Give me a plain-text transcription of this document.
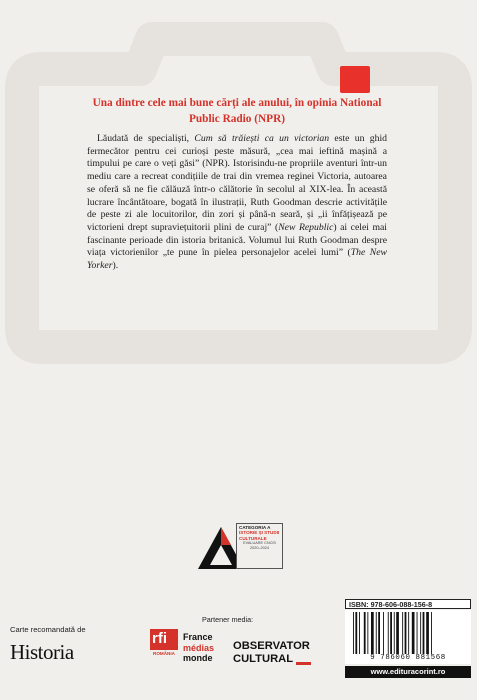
Una dintre cele mai bune cărți ale anului, în opinia National Public Radio (NPR)

Lăudată de specialiști, Cum să trăiești ca un victorian este un ghid fermecător pentru cei curioși peste măsură, „cea mai ieftină mașină a timpului pe care o veți găsi” (NPR). Istorisindu-ne propriile aventuri într-un mediu care a recreat condițiile de trai din vremea reginei Victoria, autoarea se oferă să ne fie călăuză într-o călătorie în secolul al XIX-lea. În această lucrare încântătoare, bogată în ilustrații, Ruth Goodman descrie activitățile de peste zi ale locuitorilor, din zori și până-n seară, și „ii înfățișează pe victorieni drept supraviețuitorii plini de curaj” (New Republic) ai celei mai fascinante perioade din istoria britanică. Volumul lui Ruth Goodman despre viața victorienilor „te pune în pielea personajelor acelei lumi” (The New Yorker).

CATEGORIA A
ISTORIE ȘI STUDII CULTURALE
EVALUARE CNCIS 2020–2024
Carte recomandată de
Historia
Partener media:
rfi
ROMÂNIA
France
médias
monde
OBSERVATOR
CULTURAL
ISBN: 978-606-088-156-8
9 786060 881568
www.edituracorint.ro
